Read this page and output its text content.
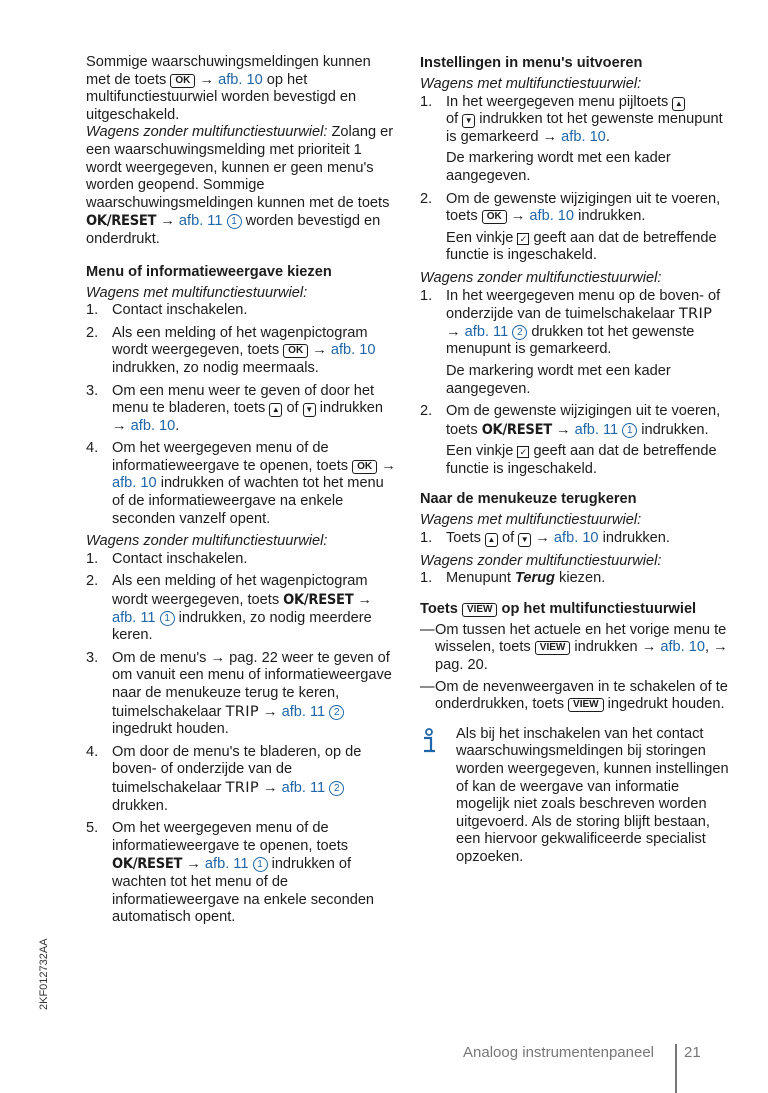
Sommige waarschuwingsmeldingen kunnen met de toets OK → afb. 10 op het multifunctiestuurwiel worden bevestigd en uitgeschakeld.

Wagens zonder multifunctiestuurwiel: Zolang er een waarschuwingsmelding met prioriteit 1 wordt weergegeven, kunnen er geen menu's worden geopend. Sommige waarschuwingsmeldingen kunnen met de toets OK/RESET → afb. 11 1 worden bevestigd en onderdrukt.

Menu of informatieweergave kiezen

Wagens met multifunctiestuurwiel:

1. Contact inschakelen.
2. Als een melding of het wagenpictogram wordt weergegeven, toets OK → afb. 10 indrukken, zo nodig meermaals.
3. Om een menu weer te geven of door het menu te bladeren, toets ▲ of ▼ indrukken → afb. 10.
4. Om het weergegeven menu of de informatieweergave te openen, toets OK → afb. 10 indrukken of wachten tot het menu of de informatieweergave na enkele seconden vanzelf opent.

Wagens zonder multifunctiestuurwiel:

1. Contact inschakelen.
2. Als een melding of het wagenpictogram wordt weergegeven, toets OK/RESET → afb. 11 1 indrukken, zo nodig meerdere keren.
3. Om de menu's → pag. 22 weer te geven of om vanuit een menu of informatieweergave naar de menukeuze terug te keren, tuimelschakelaar TRIP → afb. 11 2 ingedrukt houden.
4. Om door de menu's te bladeren, op de boven- of onderzijde van de tuimelschakelaar TRIP → afb. 11 2 drukken.
5. Om het weergegeven menu of de informatieweergave te openen, toets OK/RESET → afb. 11 1 indrukken of wachten tot het menu of de informatieweergave na enkele seconden automatisch opent.
Instellingen in menu's uitvoeren

Wagens met multifunctiestuurwiel:

1. In het weergegeven menu pijltoets ▲
of ▼ indrukken tot het gewenste menupunt is gemarkeerd → afb. 10.

De markering wordt met een kader aangegeven.

2. Om de gewenste wijzigingen uit te voeren, toets OK → afb. 10 indrukken.

Een vinkje ✓ geeft aan dat de betreffende functie is ingeschakeld.

Wagens zonder multifunctiestuurwiel:

1. In het weergegeven menu op de boven- of onderzijde van de tuimelschakelaar TRIP → afb. 11 2 drukken tot het gewenste menupunt is gemarkeerd.

De markering wordt met een kader aangegeven.

2. Om de gewenste wijzigingen uit te voeren, toets OK/RESET → afb. 11 1 indrukken.

Een vinkje ✓ geeft aan dat de betreffende functie is ingeschakeld.

Naar de menukeuze terugkeren

Wagens met multifunctiestuurwiel:

1. Toets ▲ of ▼ → afb. 10 indrukken.

Wagens zonder multifunctiestuurwiel:

1. Menupunt Terug kiezen.
Toets VIEW op het multifunctiestuurwiel
— Om tussen het actuele en het vorige menu te wisselen, toets VIEW indrukken → afb. 10, → pag. 20.
— Om de nevenweergaven in te schakelen of te onderdrukken, toets VIEW ingedrukt houden.

Als bij het inschakelen van het contact waarschuwingsmeldingen bij storingen worden weergegeven, kunnen instellingen of kan de weergave van informatie mogelijk niet zoals beschreven worden uitgevoerd. Als de storing blijft bestaan, een hiervoor gekwalificeerde specialist opzoeken.

2KF012732AA
Analoog instrumentenpaneel 21
